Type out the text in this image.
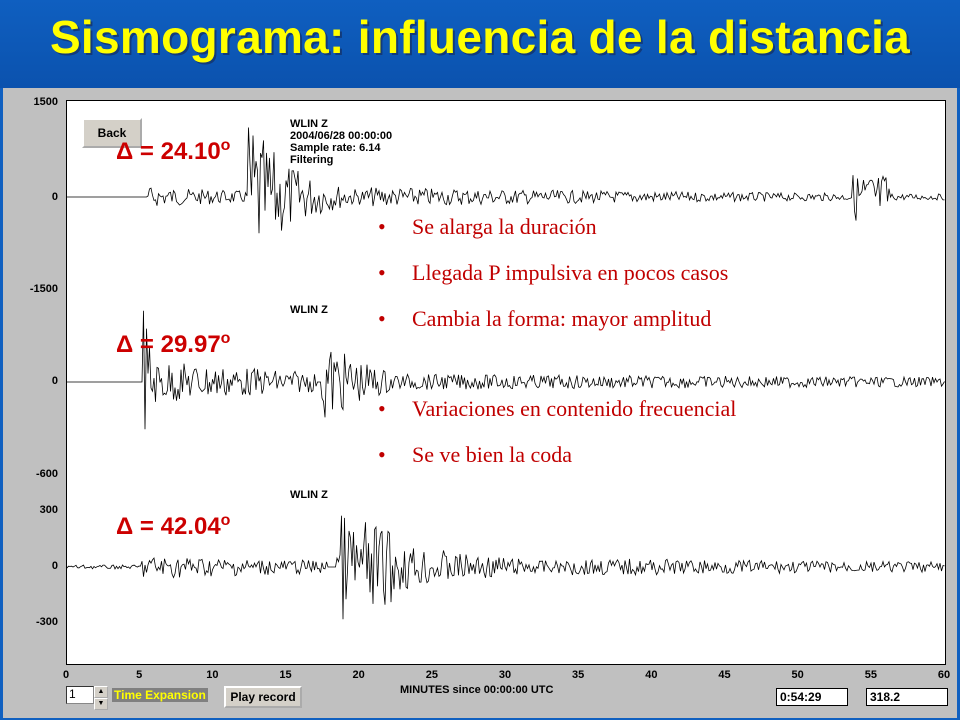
Sismograma: influencia de la distancia
1500
0
-1500
0
-600
300
0
-300
0	5	10	15	20	25	30	35	40	45	50	55	60
MINUTES since 00:00:00 UTC
Back
WLIN Z
2004/06/28 00:00:00
Sample rate: 6.14
Filtering
WLIN Z
WLIN Z
$\Delta = 24.10^o$
$\Delta = 29.97^o$
$\Delta = 42.04^o$
•	Se alarga la duración
•	Llegada P impulsiva en pocos casos
•	Cambia la forma: mayor amplitud
•	Variaciones en contenido frecuencial
•	Se ve bien la coda
1	▲
▼
Time Expansion	Play record	0:54:29	318.2
